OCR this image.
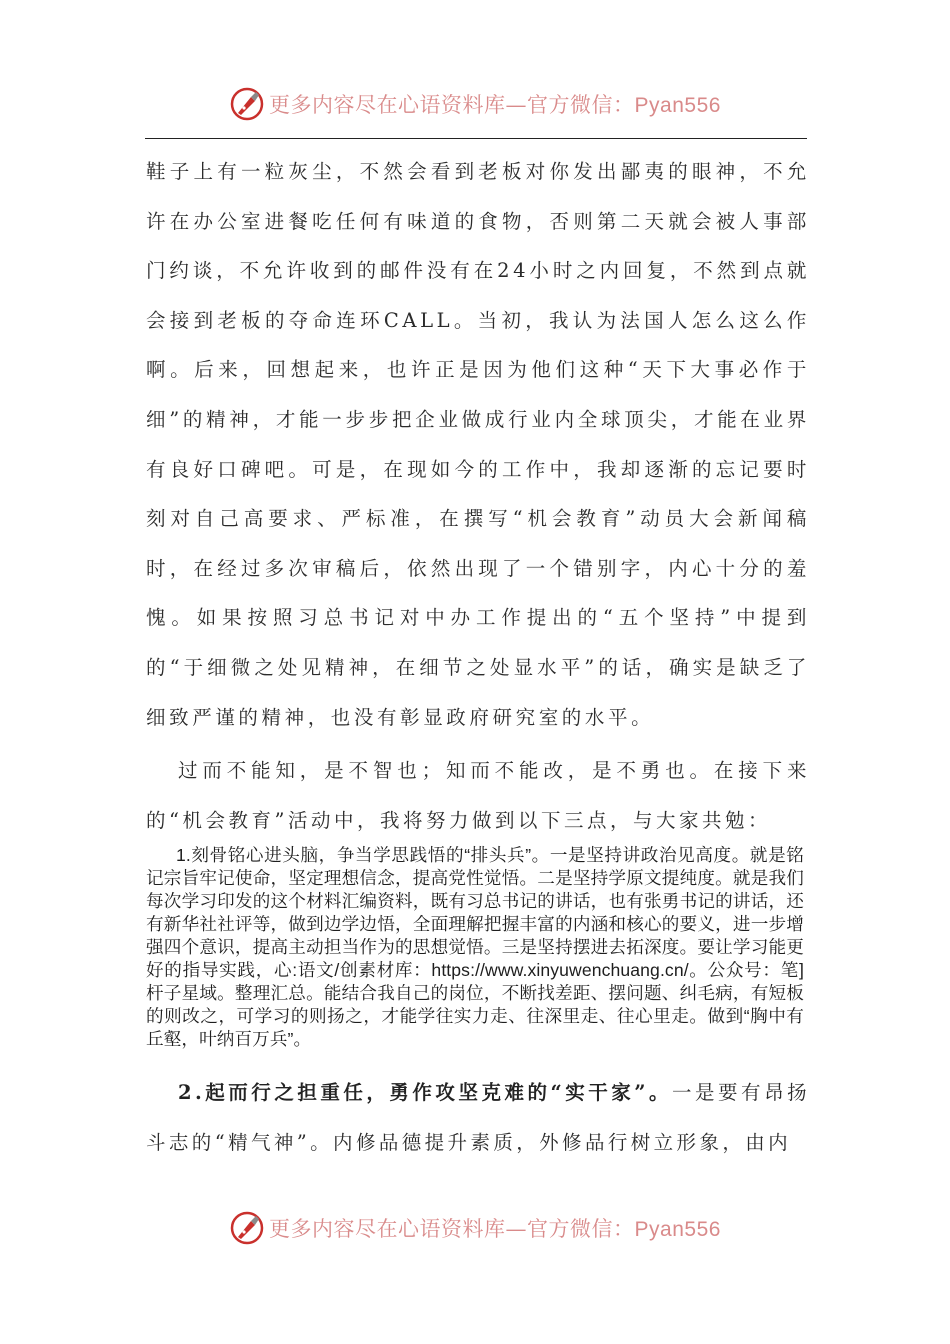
更多内容尽在心语资料库—官方微信：Pyan556

鞋子上有一粒灰尘，不然会看到老板对你发出鄙夷的眼神，不允许在办公室进餐吃任何有味道的食物，否则第二天就会被人事部门约谈，不允许收到的邮件没有在24小时之内回复，不然到点就会接到老板的夺命连环CALL。当初，我认为法国人怎么这么作啊。后来，回想起来，也许正是因为他们这种“天下大事必作于细”的精神，才能一步步把企业做成行业内全球顶尖，才能在业界有良好口碑吧。可是，在现如今的工作中，我却逐渐的忘记要时刻对自己高要求、严标准，在撰写“机会教育”动员大会新闻稿时，在经过多次审稿后，依然出现了一个错别字，内心十分的羞愧。如果按照习总书记对中办工作提出的“五个坚持”中提到的“于细微之处见精神，在细节之处显水平”的话，确实是缺乏了细致严谨的精神，也没有彰显政府研究室的水平。

过而不能知，是不智也；知而不能改，是不勇也。在接下来的“机会教育”活动中，我将努力做到以下三点，与大家共勉：

1.刻骨铭心进头脑，争当学思践悟的“排头兵”。一是坚持讲政治见高度。就是铭记宗旨牢记使命，坚定理想信念，提高党性觉悟。二是坚持学原文提纯度。就是我们每次学习印发的这个材料汇编资料，既有习总书记的讲话，也有张勇书记的讲话，还有新华社社评等，做到边学边悟，全面理解把握丰富的内涵和核心的要义，进一步增强四个意识，提高主动担当作为的思想觉悟。三是坚持摆进去拓深度。要让学习能更好的指导实践，心:语文/创素材库：https://www.xinyuwenchuang.cn/。公众号：笔]杆子星域。整理汇总。能结合我自己的岗位，不断找差距、摆问题、纠毛病，有短板的则改之，可学习的则扬之，才能学往实力走、往深里走、往心里走。做到“胸中有丘壑，叶纳百万兵”。

2.起而行之担重任，勇作攻坚克难的“实干家”。一是要有昂扬斗志的“精气神”。内修品德提升素质，外修品行树立形象，由内

更多内容尽在心语资料库—官方微信：Pyan556
